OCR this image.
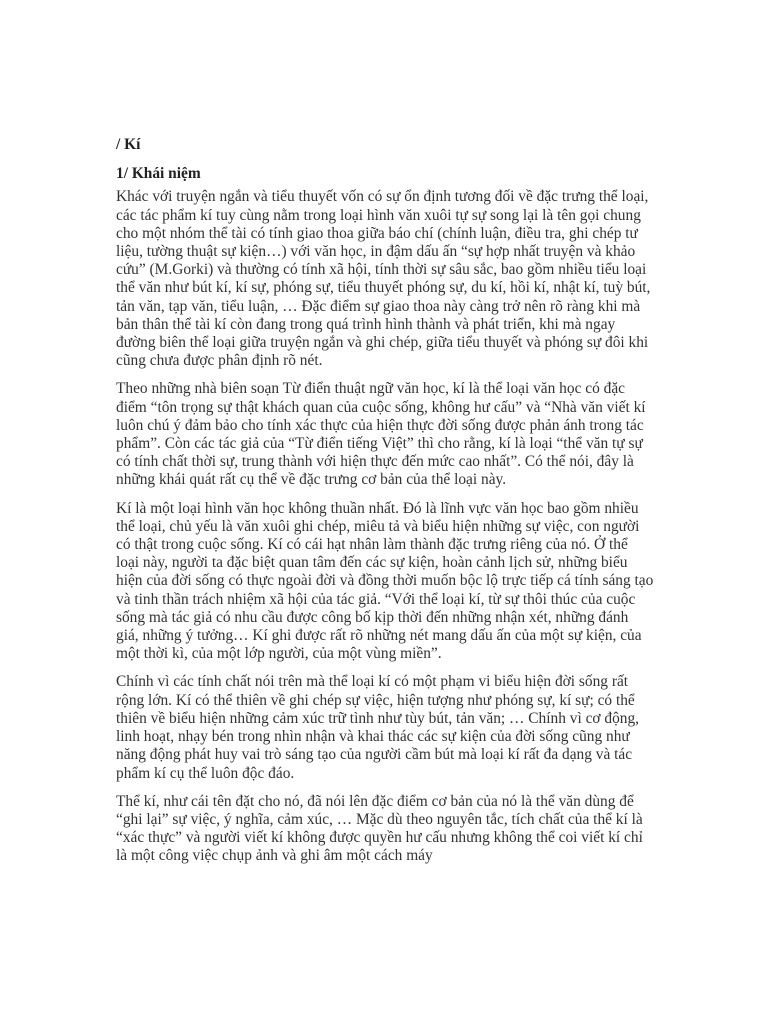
/ Kí

1/ Khái niệm

Khác với truyện ngắn và tiểu thuyết vốn có sự ổn định tương đối về đặc trưng thể loại, các tác phẩm kí tuy cùng nằm trong loại hình văn xuôi tự sự song lại là tên gọi chung cho một nhóm thể tài có tính giao thoa giữa báo chí (chính luận, điều tra, ghi chép tư liệu, tường thuật sự kiện…) với văn học, in đậm dấu ấn “sự hợp nhất truyện và khảo cứu” (M.Gorki) và thường có tính xã hội, tính thời sự sâu sắc, bao gồm nhiều tiểu loại thể văn như bút kí, kí sự, phóng sự, tiểu thuyết phóng sự, du kí, hồi kí, nhật kí, tuỳ bút, tản văn, tạp văn, tiểu luận, … Đặc điểm sự giao thoa này càng trở nên rõ ràng khi mà bản thân thể tài kí còn đang trong quá trình hình thành và phát triển, khi mà ngay đường biên thể loại giữa truyện ngắn và ghi chép, giữa tiểu thuyết và phóng sự đôi khi cũng chưa được phân định rõ nét.

Theo những nhà biên soạn Từ điển thuật ngữ văn học, kí là thể loại văn học có đặc điểm “tôn trọng sự thật khách quan của cuộc sống, không hư cấu” và “Nhà văn viết kí luôn chú ý đảm bảo cho tính xác thực của hiện thực đời sống được phản ánh trong tác phẩm”. Còn các tác giả của “Từ điển tiếng Việt” thì cho rằng, kí là loại “thể văn tự sự có tính chất thời sự, trung thành với hiện thực đến mức cao nhất”. Có thể nói, đây là những khái quát rất cụ thể về đặc trưng cơ bản của thể loại này.

Kí là một loại hình văn học không thuần nhất. Đó là lĩnh vực văn học bao gồm nhiều thể loại, chủ yếu là văn xuôi ghi chép, miêu tả và biểu hiện những sự việc, con người có thật trong cuộc sống. Kí có cái hạt nhân làm thành đặc trưng riêng của nó. Ở thể loại này, người ta đặc biệt quan tâm đến các sự kiện, hoàn cảnh lịch sử, những biểu hiện của đời sống có thực ngoài đời và đồng thời muốn bộc lộ trực tiếp cá tính sáng tạo và tinh thần trách nhiệm xã hội của tác giả. “Với thể loại kí, từ sự thôi thúc của cuộc sống mà tác giả có nhu cầu được công bố kịp thời đến những nhận xét, những đánh giá, những ý tưởng… Kí ghi được rất rõ những nét mang dấu ấn của một sự kiện, của một thời kì, của một lớp người, của một vùng miền”.

Chính vì các tính chất nói trên mà thể loại kí có một phạm vi biểu hiện đời sống rất rộng lớn. Kí có thể thiên về ghi chép sự việc, hiện tượng như phóng sự, kí sự; có thể thiên về biểu hiện những cảm xúc trữ tình như tùy bút, tản văn; … Chính vì cơ động, linh hoạt, nhạy bén trong nhìn nhận và khai thác các sự kiện của đời sống cũng như năng động phát huy vai trò sáng tạo của người cầm bút mà loại kí rất đa dạng và tác phẩm kí cụ thể luôn độc đáo.

Thể kí, như cái tên đặt cho nó, đã nói lên đặc điểm cơ bản của nó là thể văn dùng để “ghi lại” sự việc, ý nghĩa, cảm xúc, … Mặc dù theo nguyên tắc, tích chất của thể kí là “xác thực” và người viết kí không được quyền hư cấu nhưng không thể coi viết kí chỉ là một công việc chụp ảnh và ghi âm một cách máy
